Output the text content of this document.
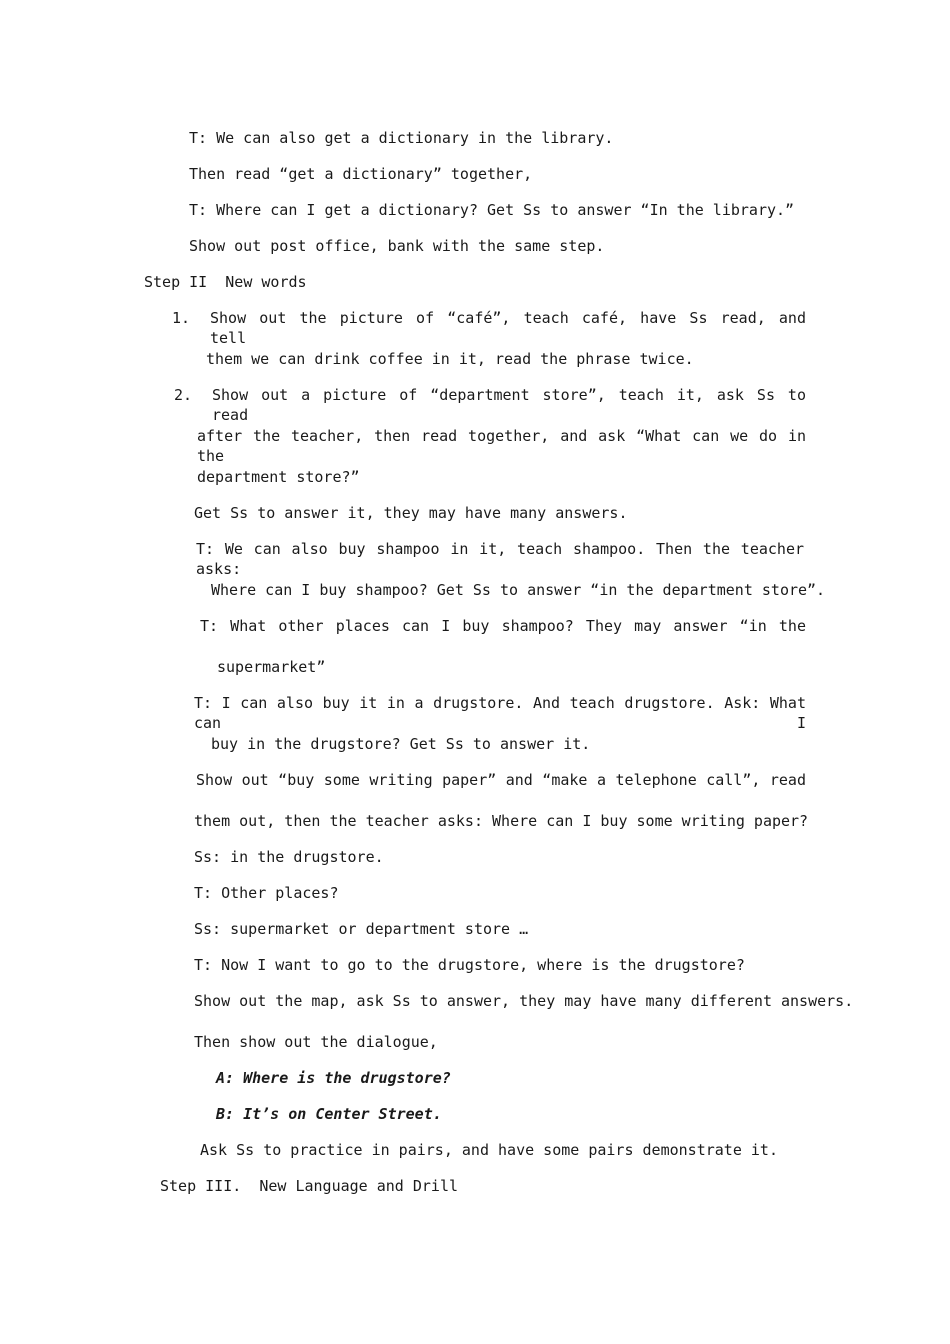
T: We can also get a dictionary in the library.
Then read “get a dictionary” together,
T: Where can I get a dictionary? Get Ss to answer “In the library.”
Show out post office, bank with the same step.
Step II  New words
1. Show out the picture of “café”, teach café, have Ss read, and tell
them we can drink coffee in it, read the phrase twice.
2. Show out a picture of “department store”, teach it, ask Ss to read
after the teacher, then read together, and ask “What can we do in the
department store?”
Get Ss to answer it, they may have many answers.
T: We can also buy shampoo in it, teach shampoo. Then the teacher asks:
Where can I buy shampoo? Get Ss to answer “in the department store”.
T: What other places can I buy shampoo? They may answer “in the
supermarket”
T: I can also buy it in a drugstore. And teach drugstore. Ask: What can I
buy in the drugstore? Get Ss to answer it.
Show out “buy some writing paper” and “make a telephone call”, read
them out, then the teacher asks: Where can I buy some writing paper?
Ss: in the drugstore.
T: Other places?
Ss: supermarket or department store …
T: Now I want to go to the drugstore, where is the drugstore?
Show out the map, ask Ss to answer, they may have many different answers.
Then show out the dialogue,
A: Where is the drugstore?
B: It’s on Center Street.
Ask Ss to practice in pairs, and have some pairs demonstrate it.
Step III.  New Language and Drill
